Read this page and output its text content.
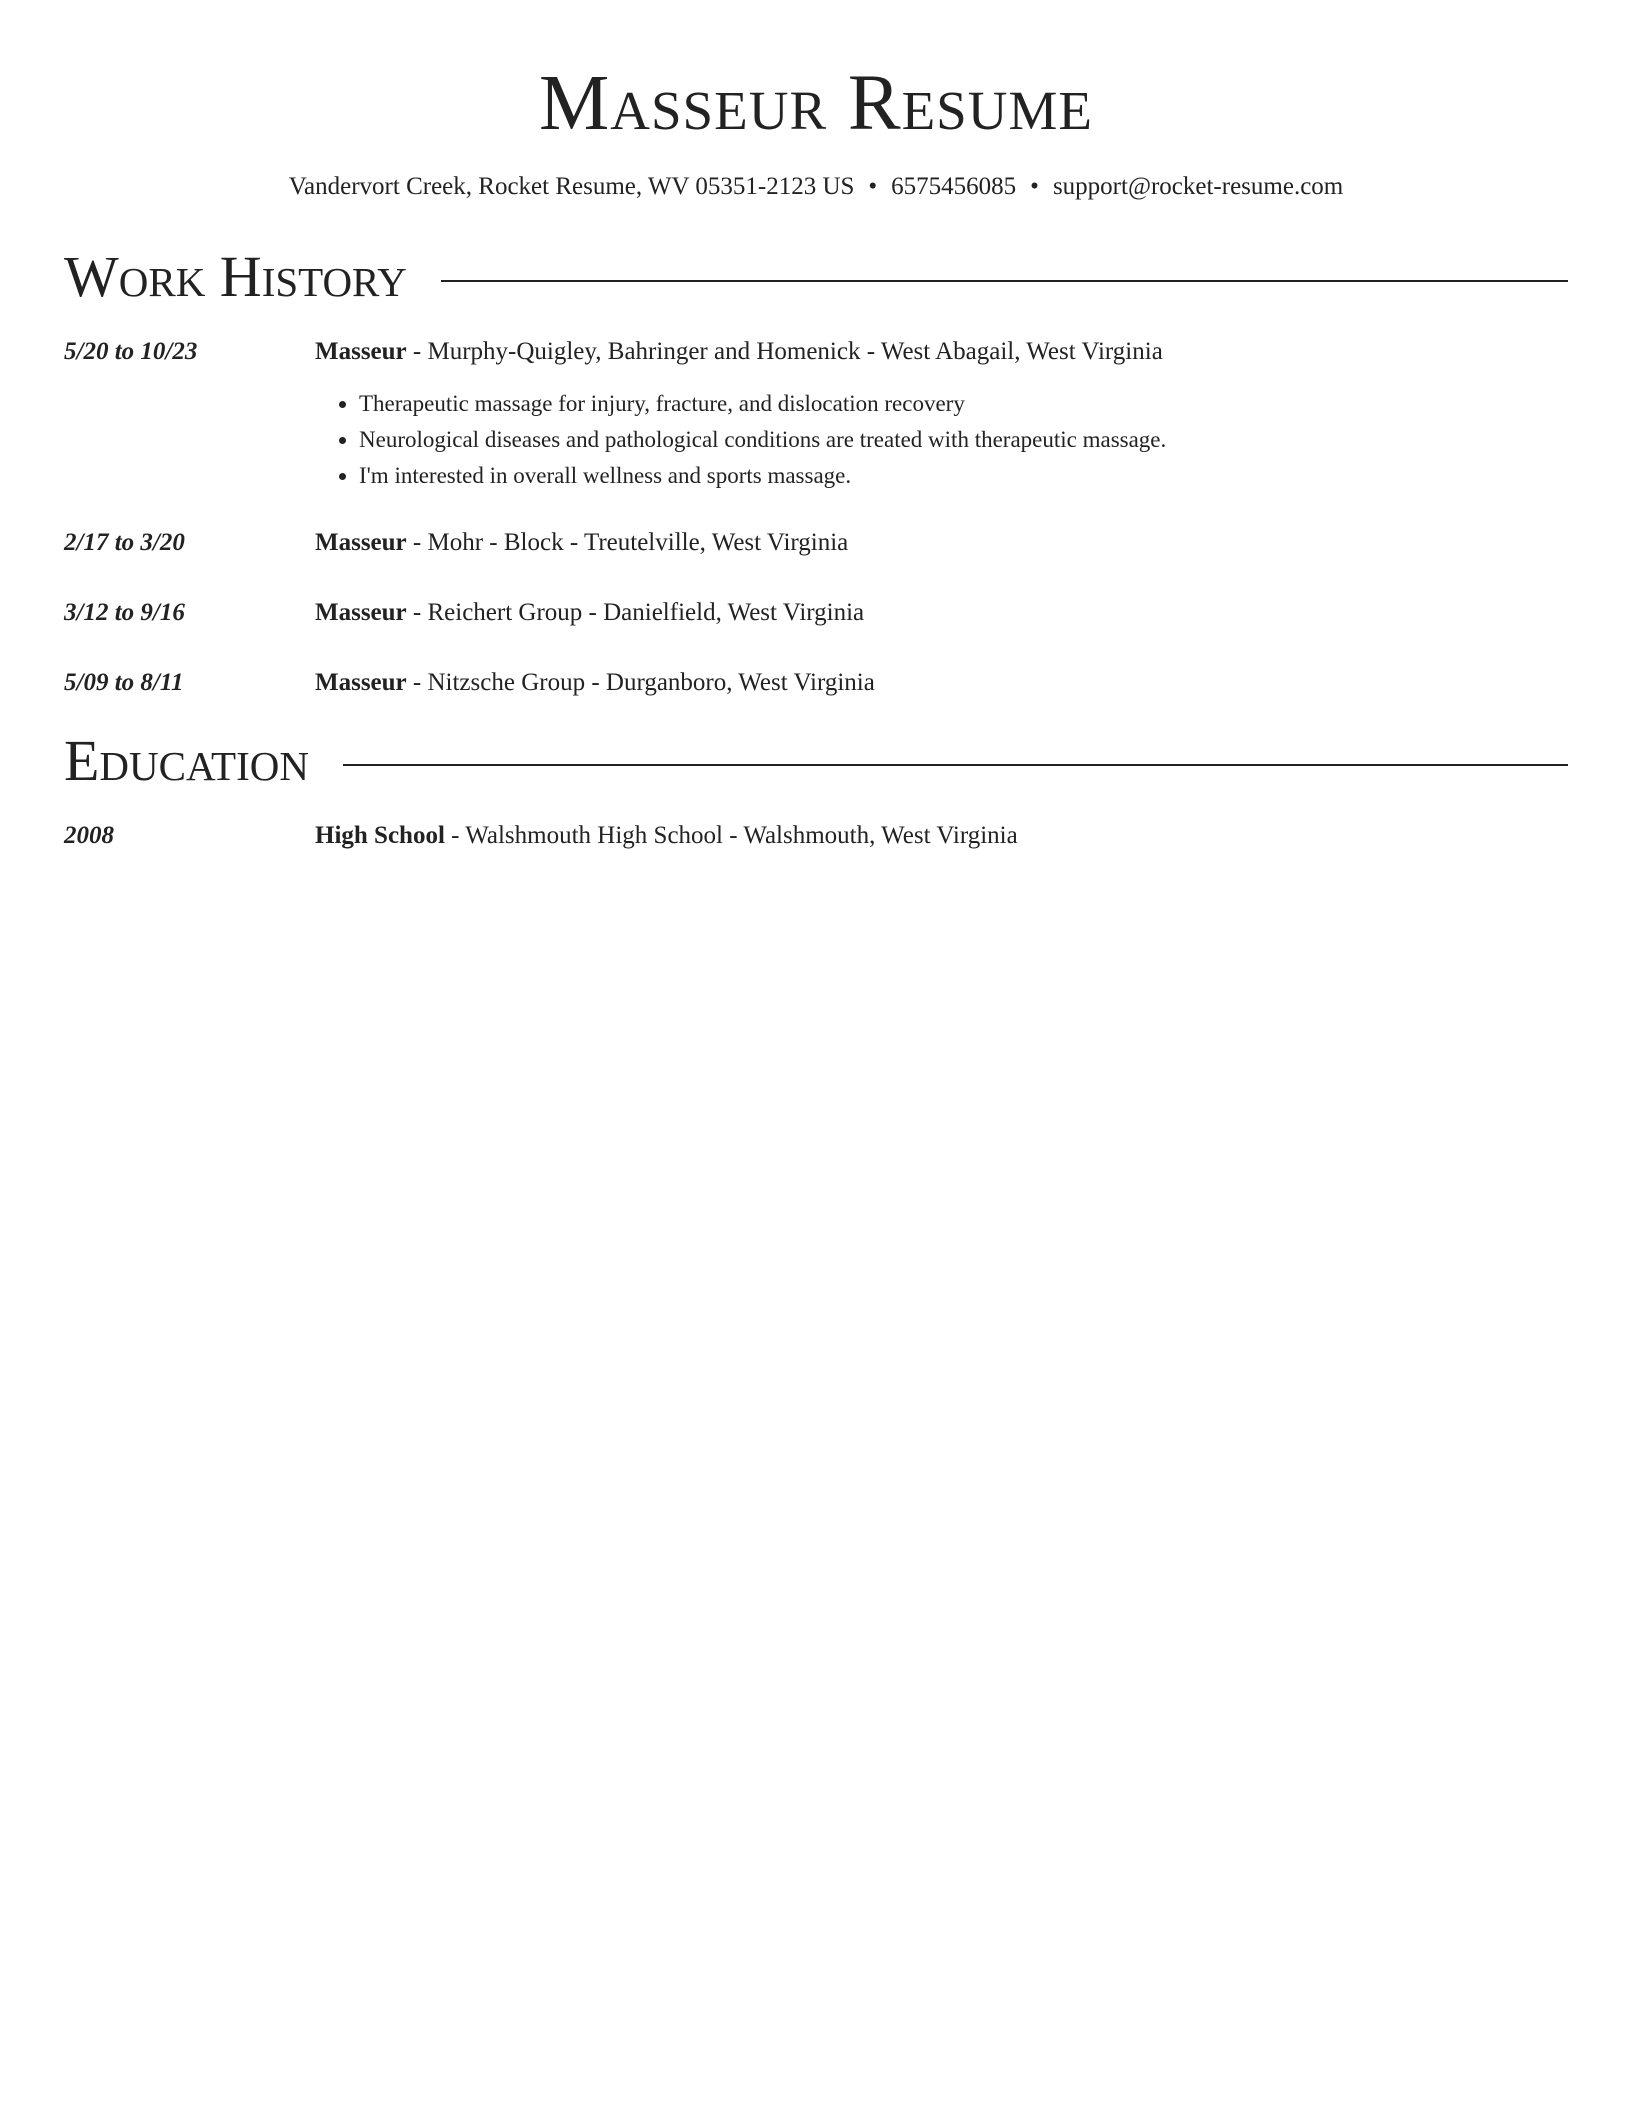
Masseur Resume
Vandervort Creek, Rocket Resume, WV 05351-2123 US • 6575456085 • support@rocket-resume.com
Work History
5/20 to 10/23	Masseur - Murphy-Quigley, Bahringer and Homenick - West Abagail, West Virginia
• Therapeutic massage for injury, fracture, and dislocation recovery
• Neurological diseases and pathological conditions are treated with therapeutic massage.
• I'm interested in overall wellness and sports massage.
2/17 to 3/20	Masseur - Mohr - Block - Treutelville, West Virginia
3/12 to 9/16	Masseur - Reichert Group - Danielfield, West Virginia
5/09 to 8/11	Masseur - Nitzsche Group - Durganboro, West Virginia
Education
2008	High School - Walshmouth High School - Walshmouth, West Virginia
